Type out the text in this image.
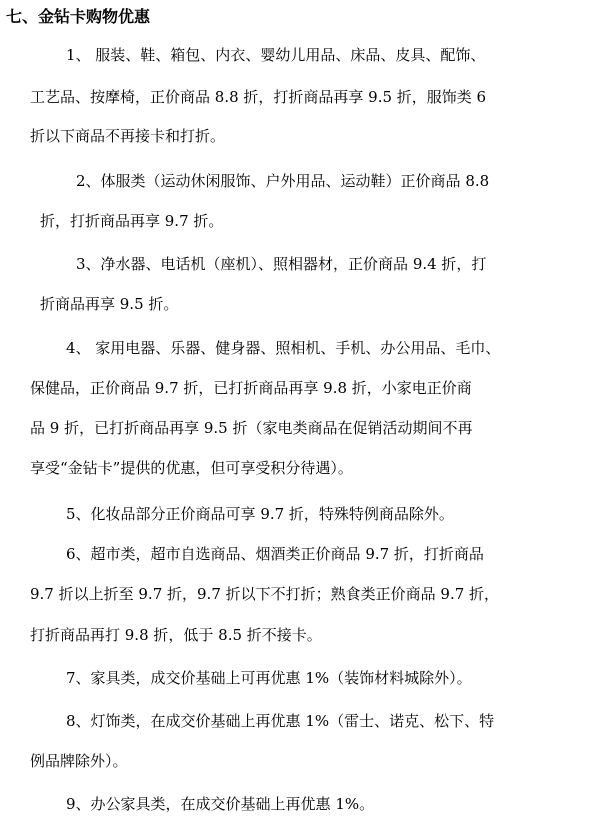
七、金钻卡购物优惠

1、 服装、鞋、箱包、内衣、婴幼儿用品、床品、皮具、配饰、

工艺品、按摩椅，正价商品 8.8 折，打折商品再享 9.5 折，服饰类 6

折以下商品不再接卡和打折。

2、体服类（运动休闲服饰、户外用品、运动鞋）正价商品 8.8

折，打折商品再享 9.7 折。

3、净水器、电话机（座机）、照相器材，正价商品 9.4 折，打

折商品再享 9.5 折。

4、 家用电器、乐器、健身器、照相机、手机、办公用品、毛巾、

保健品，正价商品 9.7 折，已打折商品再享 9.8 折，小家电正价商

品 9 折，已打折商品再享 9.5 折（家电类商品在促销活动期间不再

享受“金钻卡”提供的优惠，但可享受积分待遇）。

5、化妆品部分正价商品可享 9.7 折，特殊特例商品除外。

6、超市类，超市自选商品、烟酒类正价商品 9.7 折，打折商品

9.7 折以上折至 9.7 折，9.7 折以下不打折；熟食类正价商品 9.7 折，

打折商品再打 9.8 折，低于 8.5 折不接卡。

7、家具类，成交价基础上可再优惠 1%（装饰材料城除外）。

8、灯饰类，在成交价基础上再优惠 1%（雷士、诺克、松下、特

例品牌除外）。

9、办公家具类，在成交价基础上再优惠 1%。
